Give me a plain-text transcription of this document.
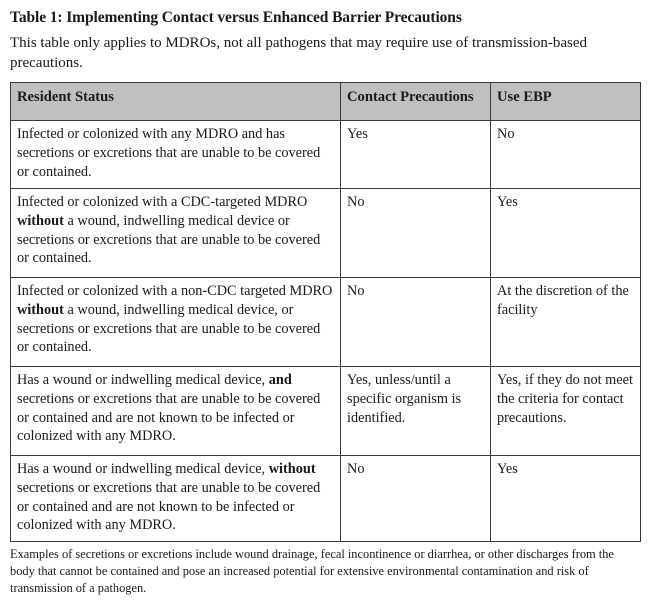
Table 1: Implementing Contact versus Enhanced Barrier Precautions

This table only applies to MDROs, not all pathogens that may require use of transmission-based precautions.

Resident Status	Contact Precautions	Use EBP

Infected or colonized with any MDRO and has secretions or excretions that are unable to be covered or contained.	Yes	No

Infected or colonized with a CDC-targeted MDRO without a wound, indwelling medical device or secretions or excretions that are unable to be covered or contained.	No	Yes

Infected or colonized with a non-CDC targeted MDRO without a wound, indwelling medical device, or secretions or excretions that are unable to be covered or contained.	No	At the discretion of the facility

Has a wound or indwelling medical device, and secretions or excretions that are unable to be covered or contained and are not known to be infected or colonized with any MDRO.	Yes, unless/until a specific organism is identified.	Yes, if they do not meet the criteria for contact precautions.

Has a wound or indwelling medical device, without secretions or excretions that are unable to be covered or contained and are not known to be infected or colonized with any MDRO.	No	Yes

Examples of secretions or excretions include wound drainage, fecal incontinence or diarrhea, or other discharges from the body that cannot be contained and pose an increased potential for extensive environmental contamination and risk of transmission of a pathogen.
